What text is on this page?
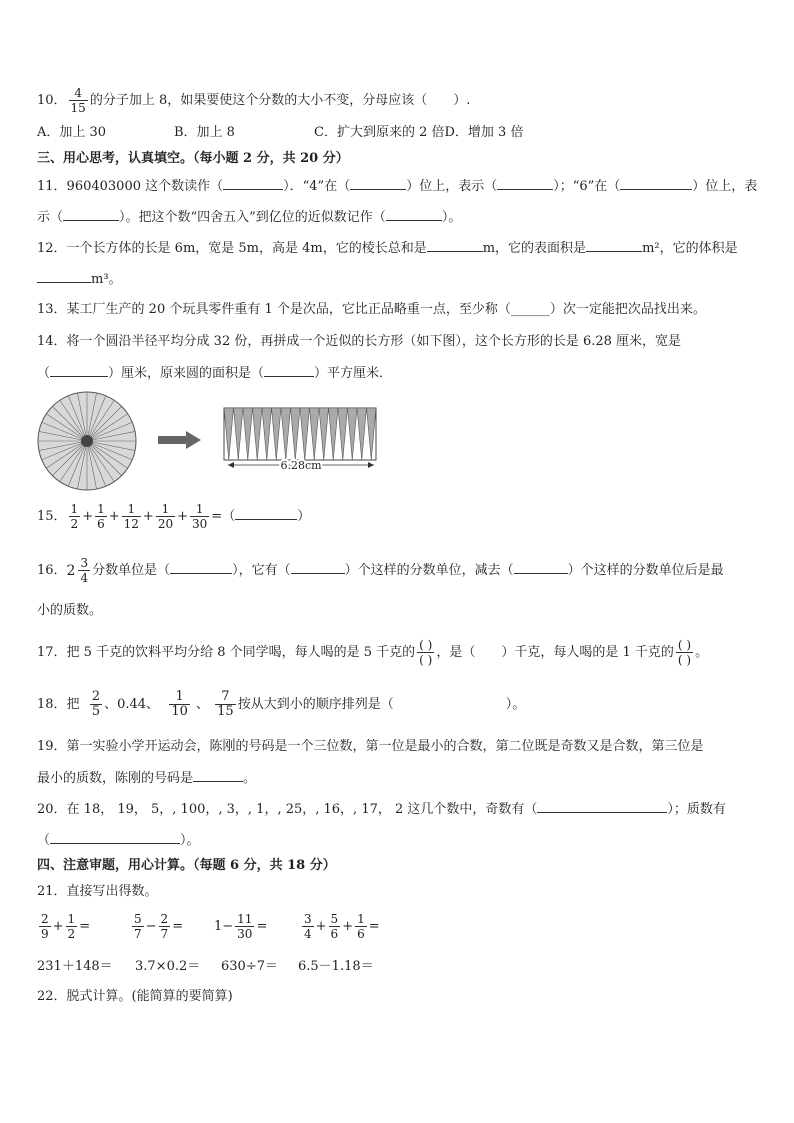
10． $\frac{4}{15}$ 的分子加上 8，如果要使这个分数的大小不变，分母应该（　　）.
A．加上 30	B．加上 8	C．扩大到原来的 2 倍D．增加 3 倍
三、用心思考，认真填空。（每小题 2 分，共 20 分）
11．960403000 这个数读作（	）．“4”在（	）位上，表示（	）；“6”在（	）位上，表
示（	）。把这个数“四舍五入”到亿位的近似数记作（	）。
12．一个长方体的长是 6m，宽是 5m，高是 4m，它的棱长总和是	m，它的表面积是	m²，它的体积是
m³。
13．某工厂生产的 20 个玩具零件重有 1 个是次品，它比正品略重一点，至少称（______）次一定能把次品找出来。
14．将一个圆沿半径平均分成 32 份，再拼成一个近似的长方形（如下图），这个长方形的长是 6.28 厘米，宽是
（	）厘米，原来圆的面积是（	）平方厘米．
6.28cm
15． $\frac{1}{2} + \frac{1}{6} + \frac{1}{12} + \frac{1}{20} + \frac{1}{30}$ =（	）
16． $2 \frac{3}{4}$ 分数单位是（	），它有（	）个这样的分数单位，减去（	）个这样的分数单位后是最
小的质数。
17．把 5 千克的饮料平均分给 8 个同学喝，每人喝的是 5 千克的 $\frac{( )}{( )}$ ，是（　　）千克，每人喝的是 1 千克的 $\frac{( )}{( )}$ 。
18．把 $\frac{2}{5}$ 、0.44、 $\frac{1}{10}$ 、 $\frac{7}{15}$ 按从大到小的顺序排列是（	）。
19．第一实验小学开运动会，陈刚的号码是一个三位数，第一位是最小的合数，第二位既是奇数又是合数，第三位是
最小的质数，陈刚的号码是	。
20．在 18， 19， 5，, 100，, 3，, 1，, 25，, 16，, 17， 2 这几个数中，奇数有（	）；质数有
（	）。
四、注意审题，用心计算。（每题 6 分，共 18 分）
21．直接写出得数。
$\frac{2}{9} + \frac{1}{2}$ =	$\frac{5}{7} - \frac{2}{7} = 1- \frac{11}{30}$ =	$\frac{3}{4} + \frac{5}{6} + \frac{1}{6}$ =
231＋148＝ 3.7×0.2＝ 630÷7＝ 6.5－1.18＝
22．脱式计算。(能简算的要简算)
